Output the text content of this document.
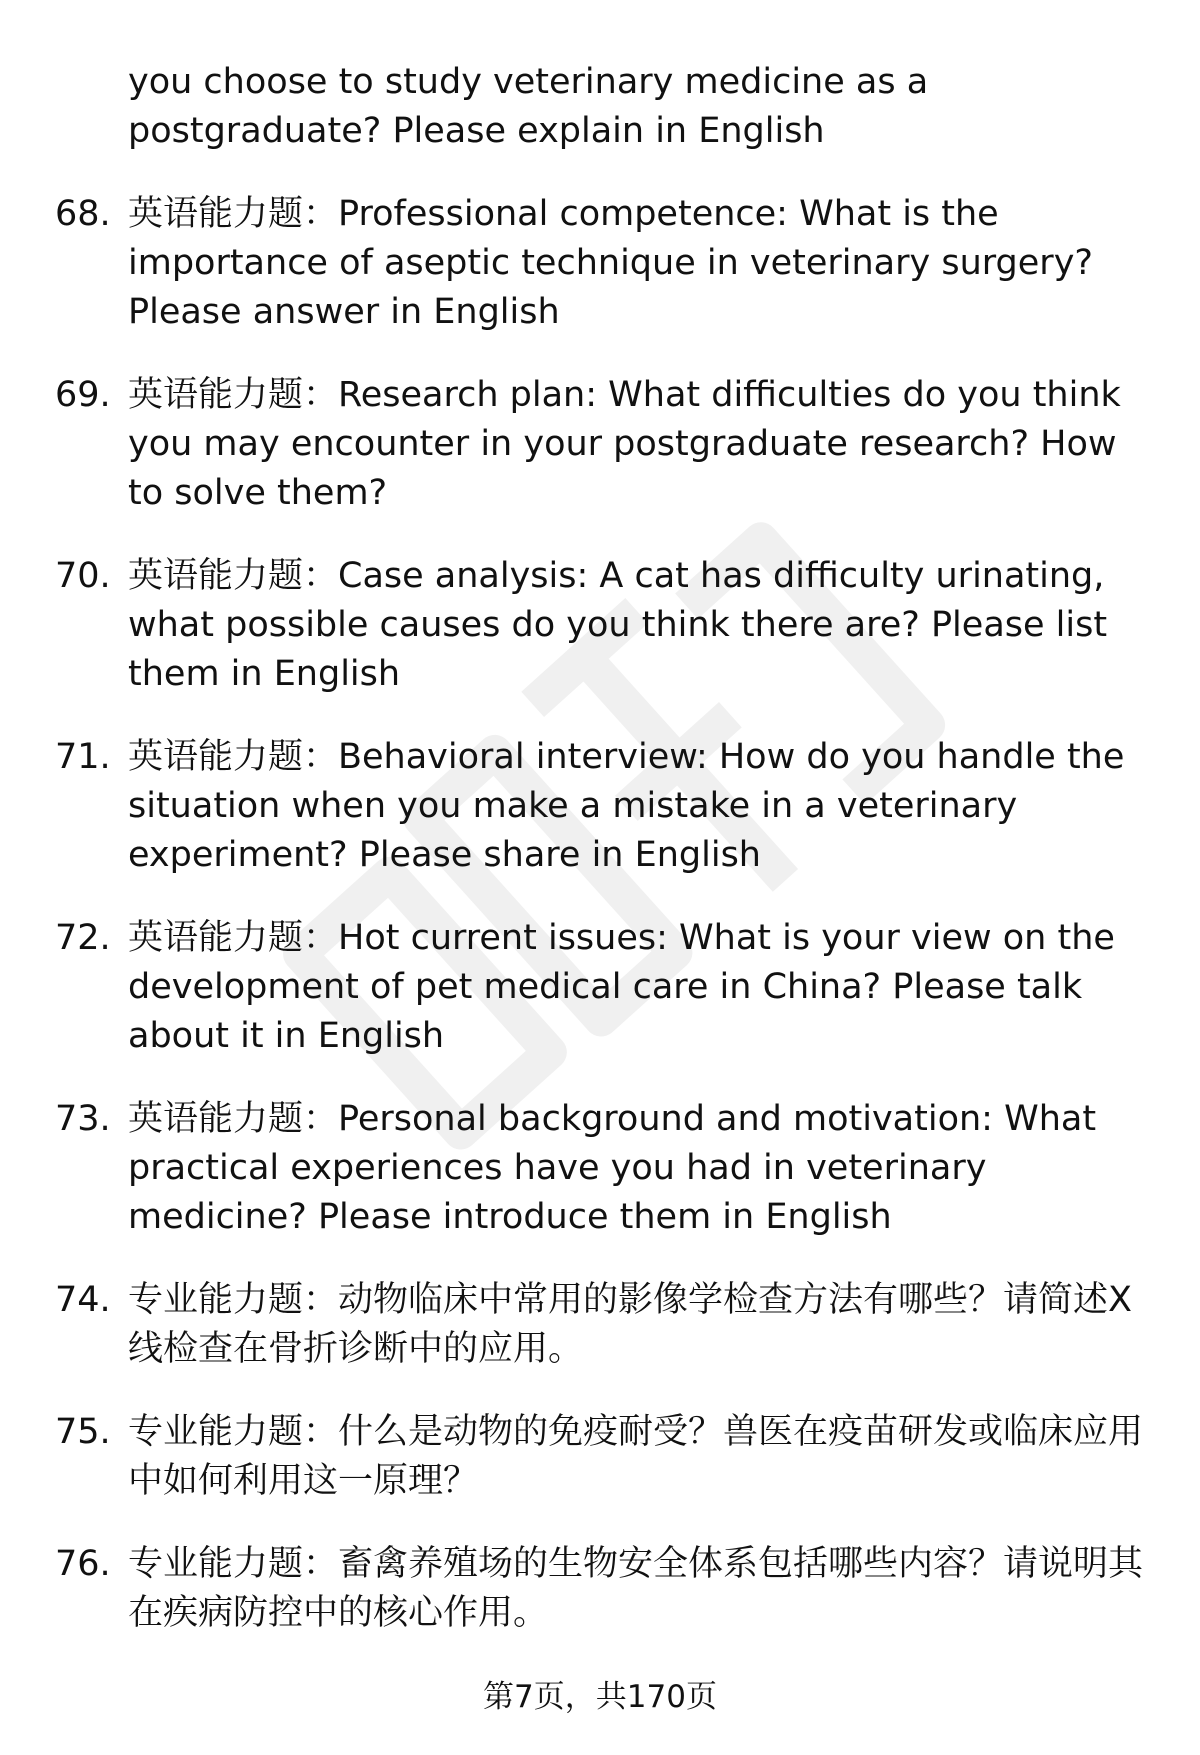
you choose to study veterinary medicine as a postgraduate? Please explain in English
68. 英语能力题：Professional competence: What is the importance of aseptic technique in veterinary surgery? Please answer in English
69. 英语能力题：Research plan: What difficulties do you think you may encounter in your postgraduate research? How to solve them?
70. 英语能力题：Case analysis: A cat has difficulty urinating, what possible causes do you think there are? Please list them in English
71. 英语能力题：Behavioral interview: How do you handle the situation when you make a mistake in a veterinary experiment? Please share in English
72. 英语能力题：Hot current issues: What is your view on the development of pet medical care in China? Please talk about it in English
73. 英语能力题：Personal background and motivation: What practical experiences have you had in veterinary medicine? Please introduce them in English
74. 专业能力题：动物临床中常用的影像学检查方法有哪些？请简述X线检查在骨折诊断中的应用。
75. 专业能力题：什么是动物的免疫耐受？兽医在疫苗研发或临床应用中如何利用这一原理？
76. 专业能力题：畜禽养殖场的生物安全体系包括哪些内容？请说明其在疾病防控中的核心作用。
第7页，共170页
